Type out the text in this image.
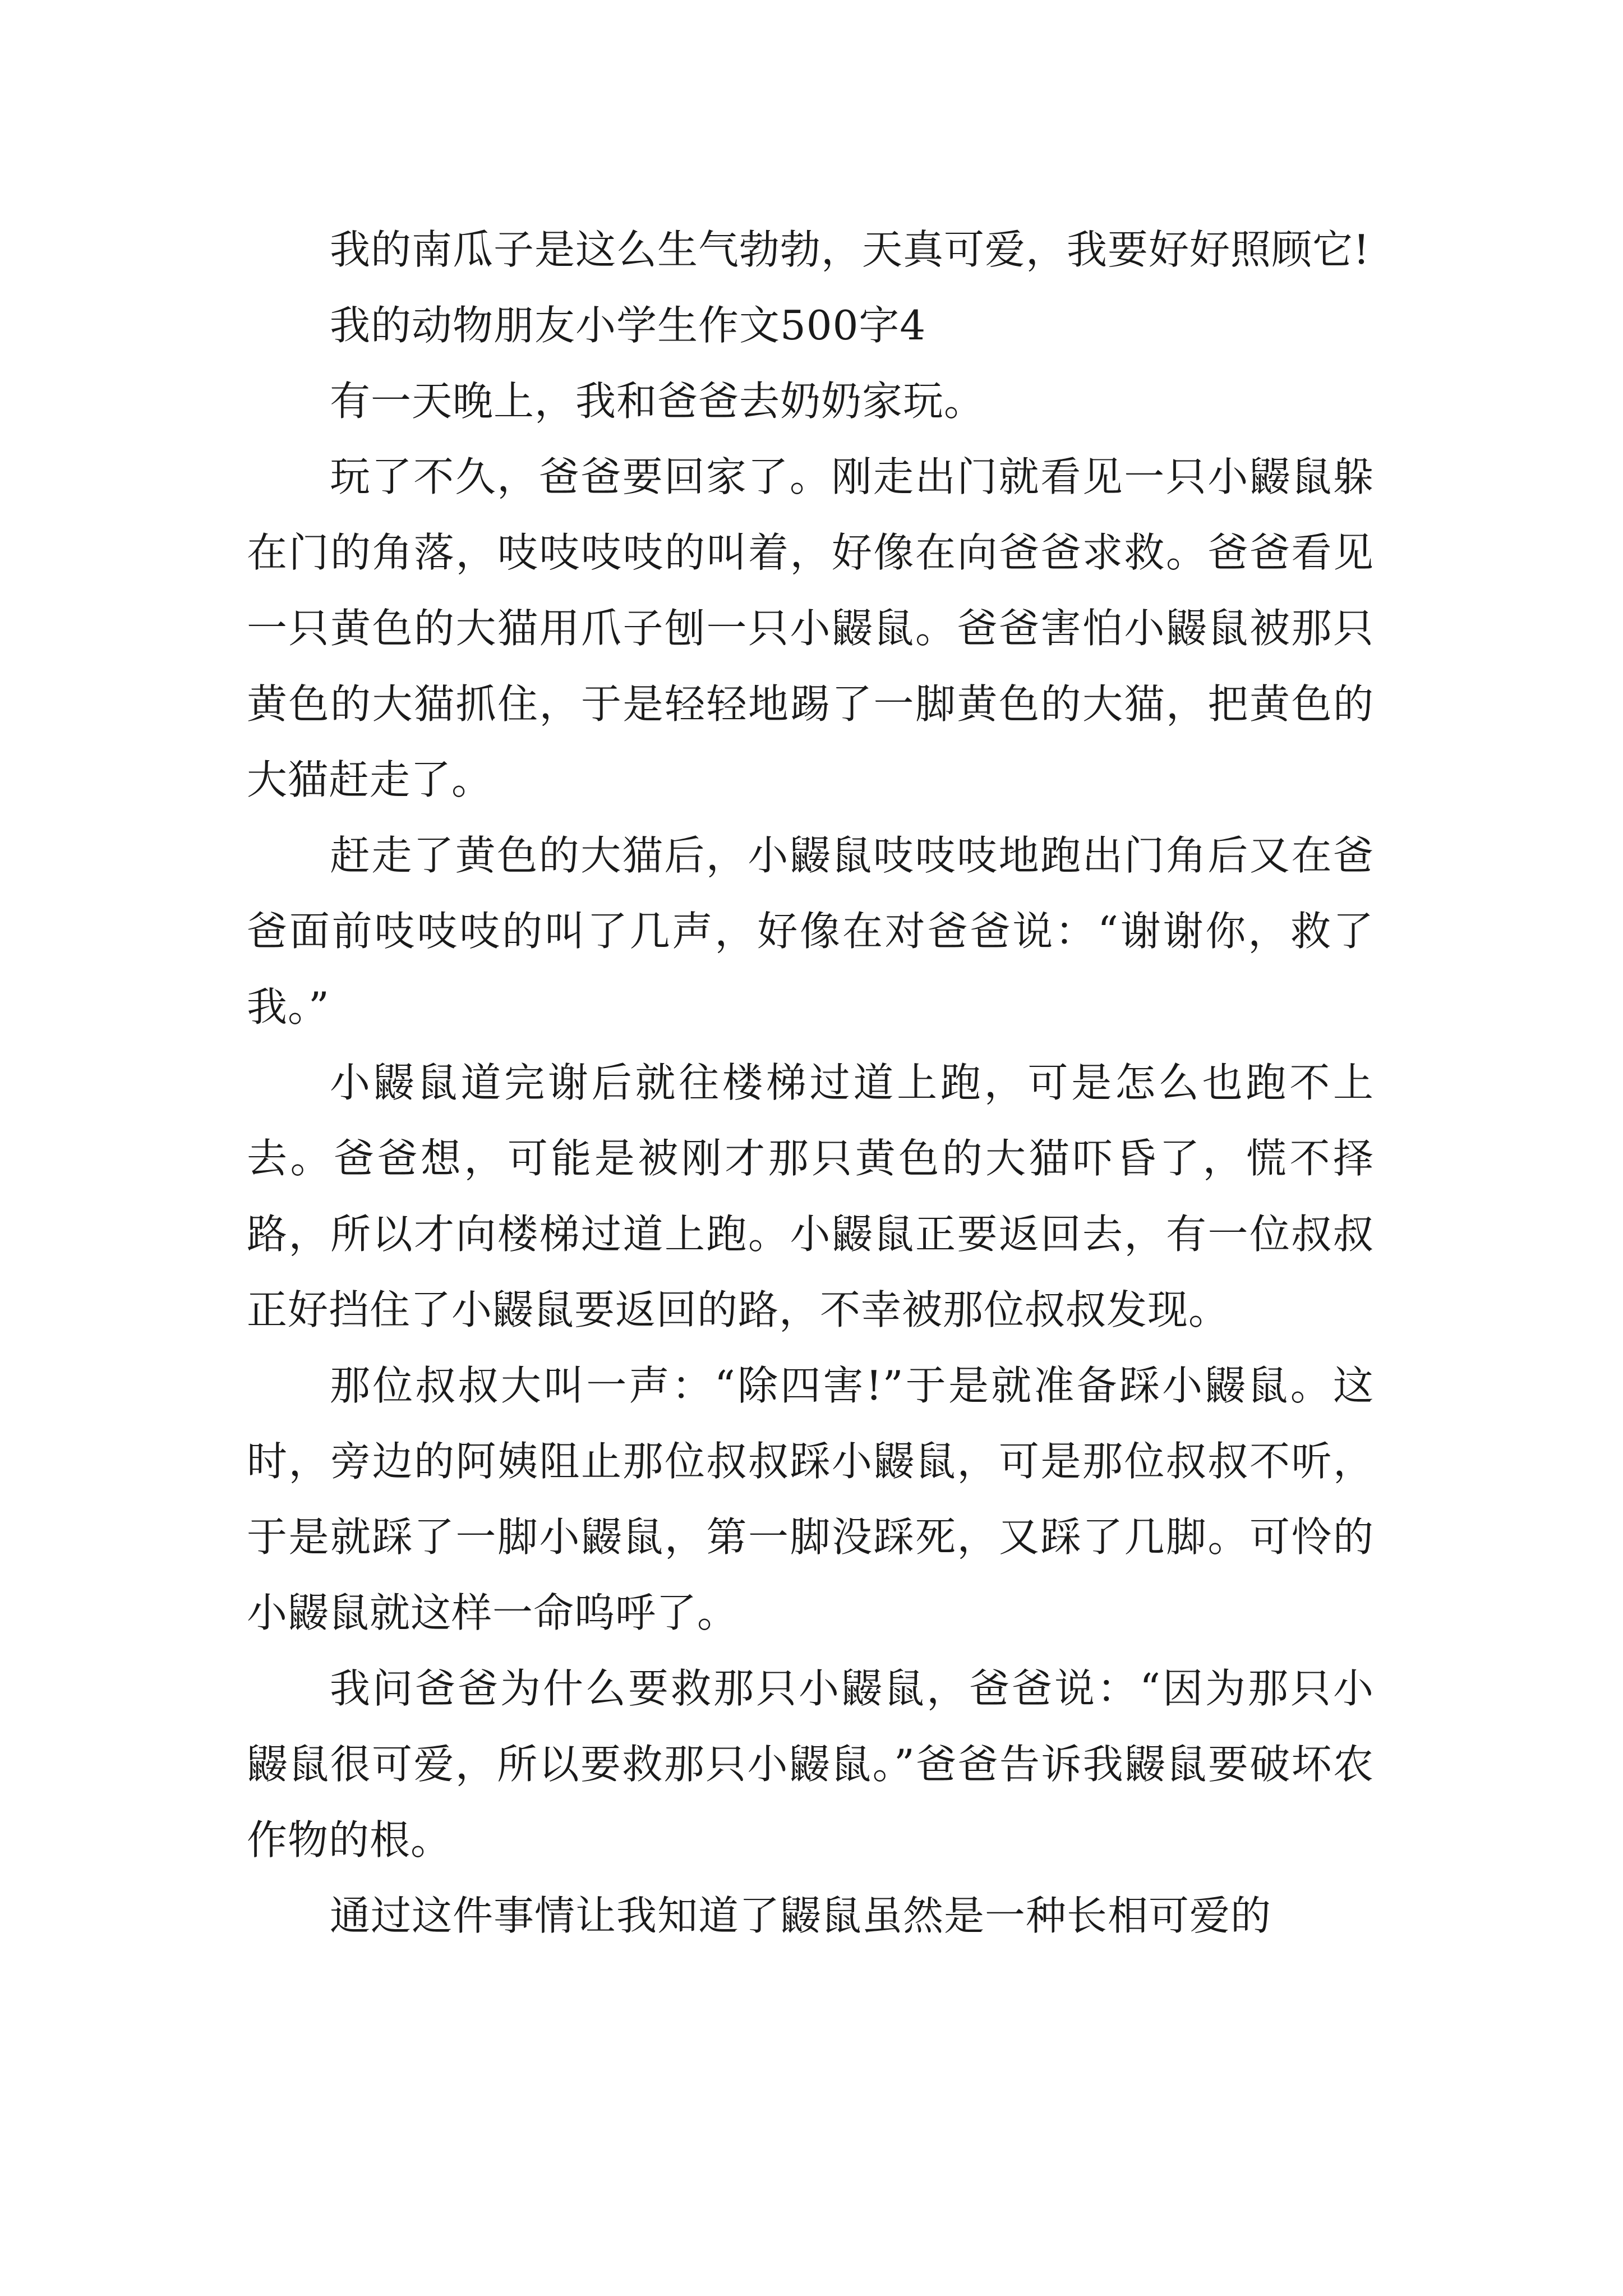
我的南瓜子是这么生气勃勃，天真可爱，我要好好照顾它!

我的动物朋友小学生作文500字4

有一天晚上，我和爸爸去奶奶家玩。

玩了不久，爸爸要回家了。刚走出门就看见一只小鼹鼠躲在门的角落，吱吱吱吱的叫着，好像在向爸爸求救。爸爸看见一只黄色的大猫用爪子刨一只小鼹鼠。爸爸害怕小鼹鼠被那只黄色的大猫抓住，于是轻轻地踢了一脚黄色的大猫，把黄色的大猫赶走了。

赶走了黄色的大猫后，小鼹鼠吱吱吱地跑出门角后又在爸爸面前吱吱吱的叫了几声，好像在对爸爸说：“谢谢你，救了我。”

小鼹鼠道完谢后就往楼梯过道上跑，可是怎么也跑不上去。爸爸想，可能是被刚才那只黄色的大猫吓昏了，慌不择路，所以才向楼梯过道上跑。小鼹鼠正要返回去，有一位叔叔正好挡住了小鼹鼠要返回的路，不幸被那位叔叔发现。

那位叔叔大叫一声：“除四害!”于是就准备踩小鼹鼠。这时，旁边的阿姨阻止那位叔叔踩小鼹鼠，可是那位叔叔不听，于是就踩了一脚小鼹鼠，第一脚没踩死，又踩了几脚。可怜的小鼹鼠就这样一命呜呼了。

我问爸爸为什么要救那只小鼹鼠，爸爸说：“因为那只小鼹鼠很可爱，所以要救那只小鼹鼠。”爸爸告诉我鼹鼠要破坏农作物的根。

通过这件事情让我知道了鼹鼠虽然是一种长相可爱的
